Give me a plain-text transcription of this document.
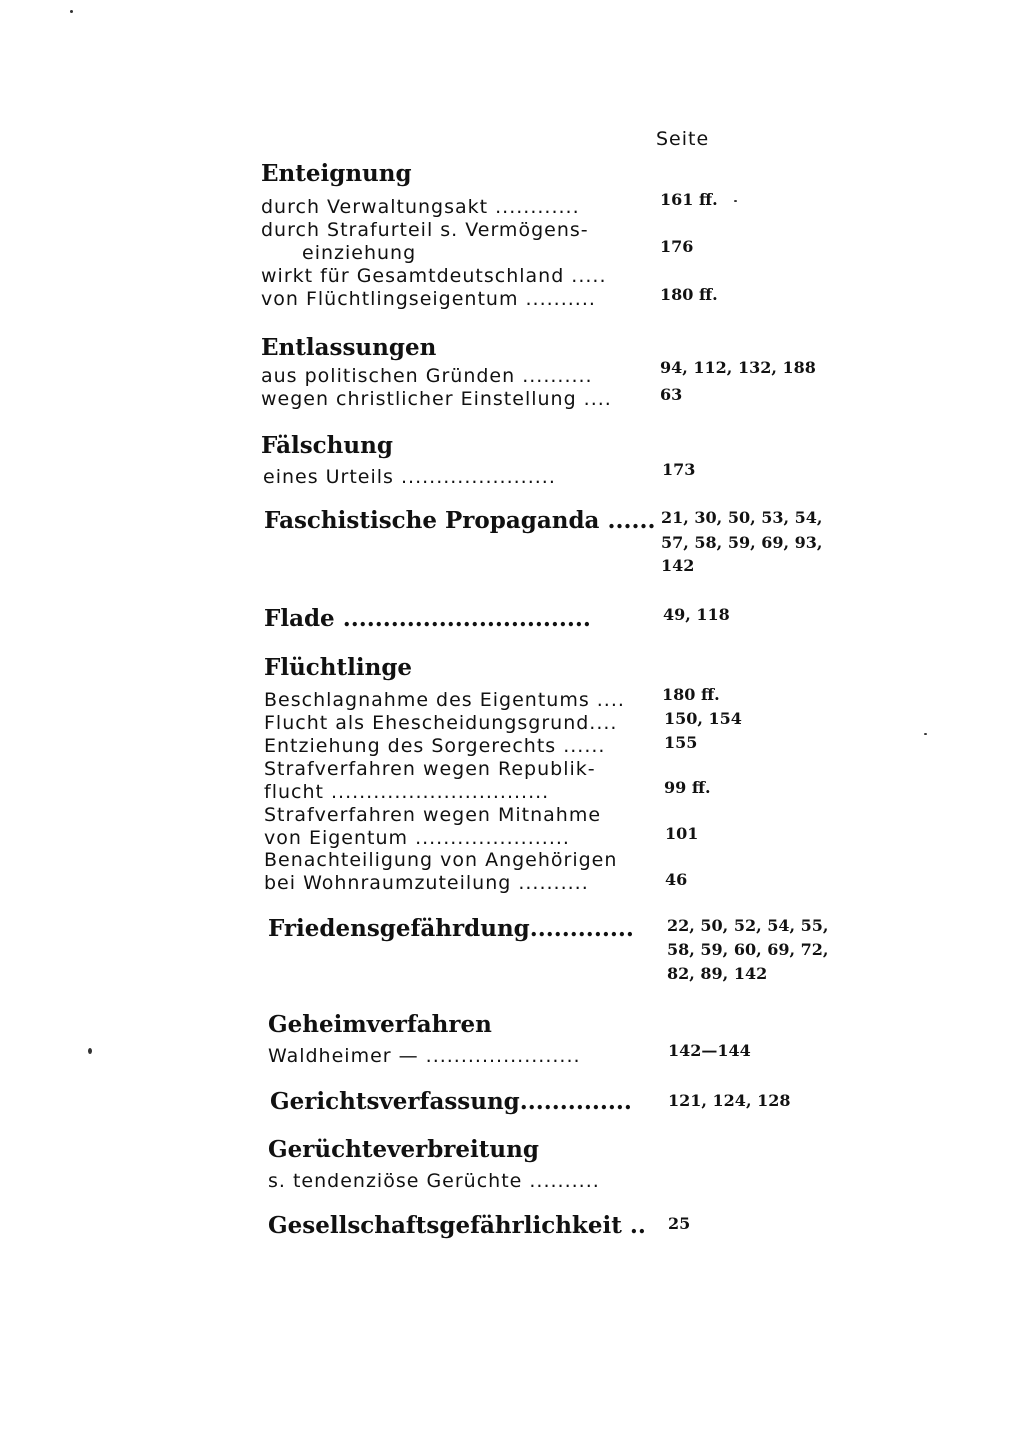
Seite
Enteignung
durch Verwaltungsakt ............	161 ff.
durch Strafurteil s. Vermögens-
einziehung	176
wirkt für Gesamtdeutschland .....
von Flüchtlingseigentum ..........	180 ff.
Entlassungen
aus politischen Gründen ..........	94, 112, 132, 188
wegen christlicher Einstellung ....	63
Fälschung
eines Urteils ......................	173
Faschistische Propaganda ...... 21, 30, 50, 53, 54,
57, 58, 59, 69, 93,
142
Flade ...............................	49, 118
Flüchtlinge
Beschlagnahme des Eigentums .... 180 ff.
Flucht als Ehescheidungsgrund....	150, 154
Entziehung des Sorgerechts ......	155
Strafverfahren wegen Republik-
flucht ...............................	99 ff.
Strafverfahren wegen Mitnahme
von Eigentum ......................	101
Benachteiligung von Angehörigen
bei Wohnraumzuteilung ..........	46
Friedensgefährdung............. 22, 50, 52, 54, 55,
58, 59, 60, 69, 72,
82, 89, 142
Geheimverfahren
Waldheimer — ......................	142—144
Gerichtsverfassung.............. 121, 124, 128
Gerüchteverbreitung
s. tendenziöse Gerüchte ..........
Gesellschaftsgefährlichkeit .. 25
